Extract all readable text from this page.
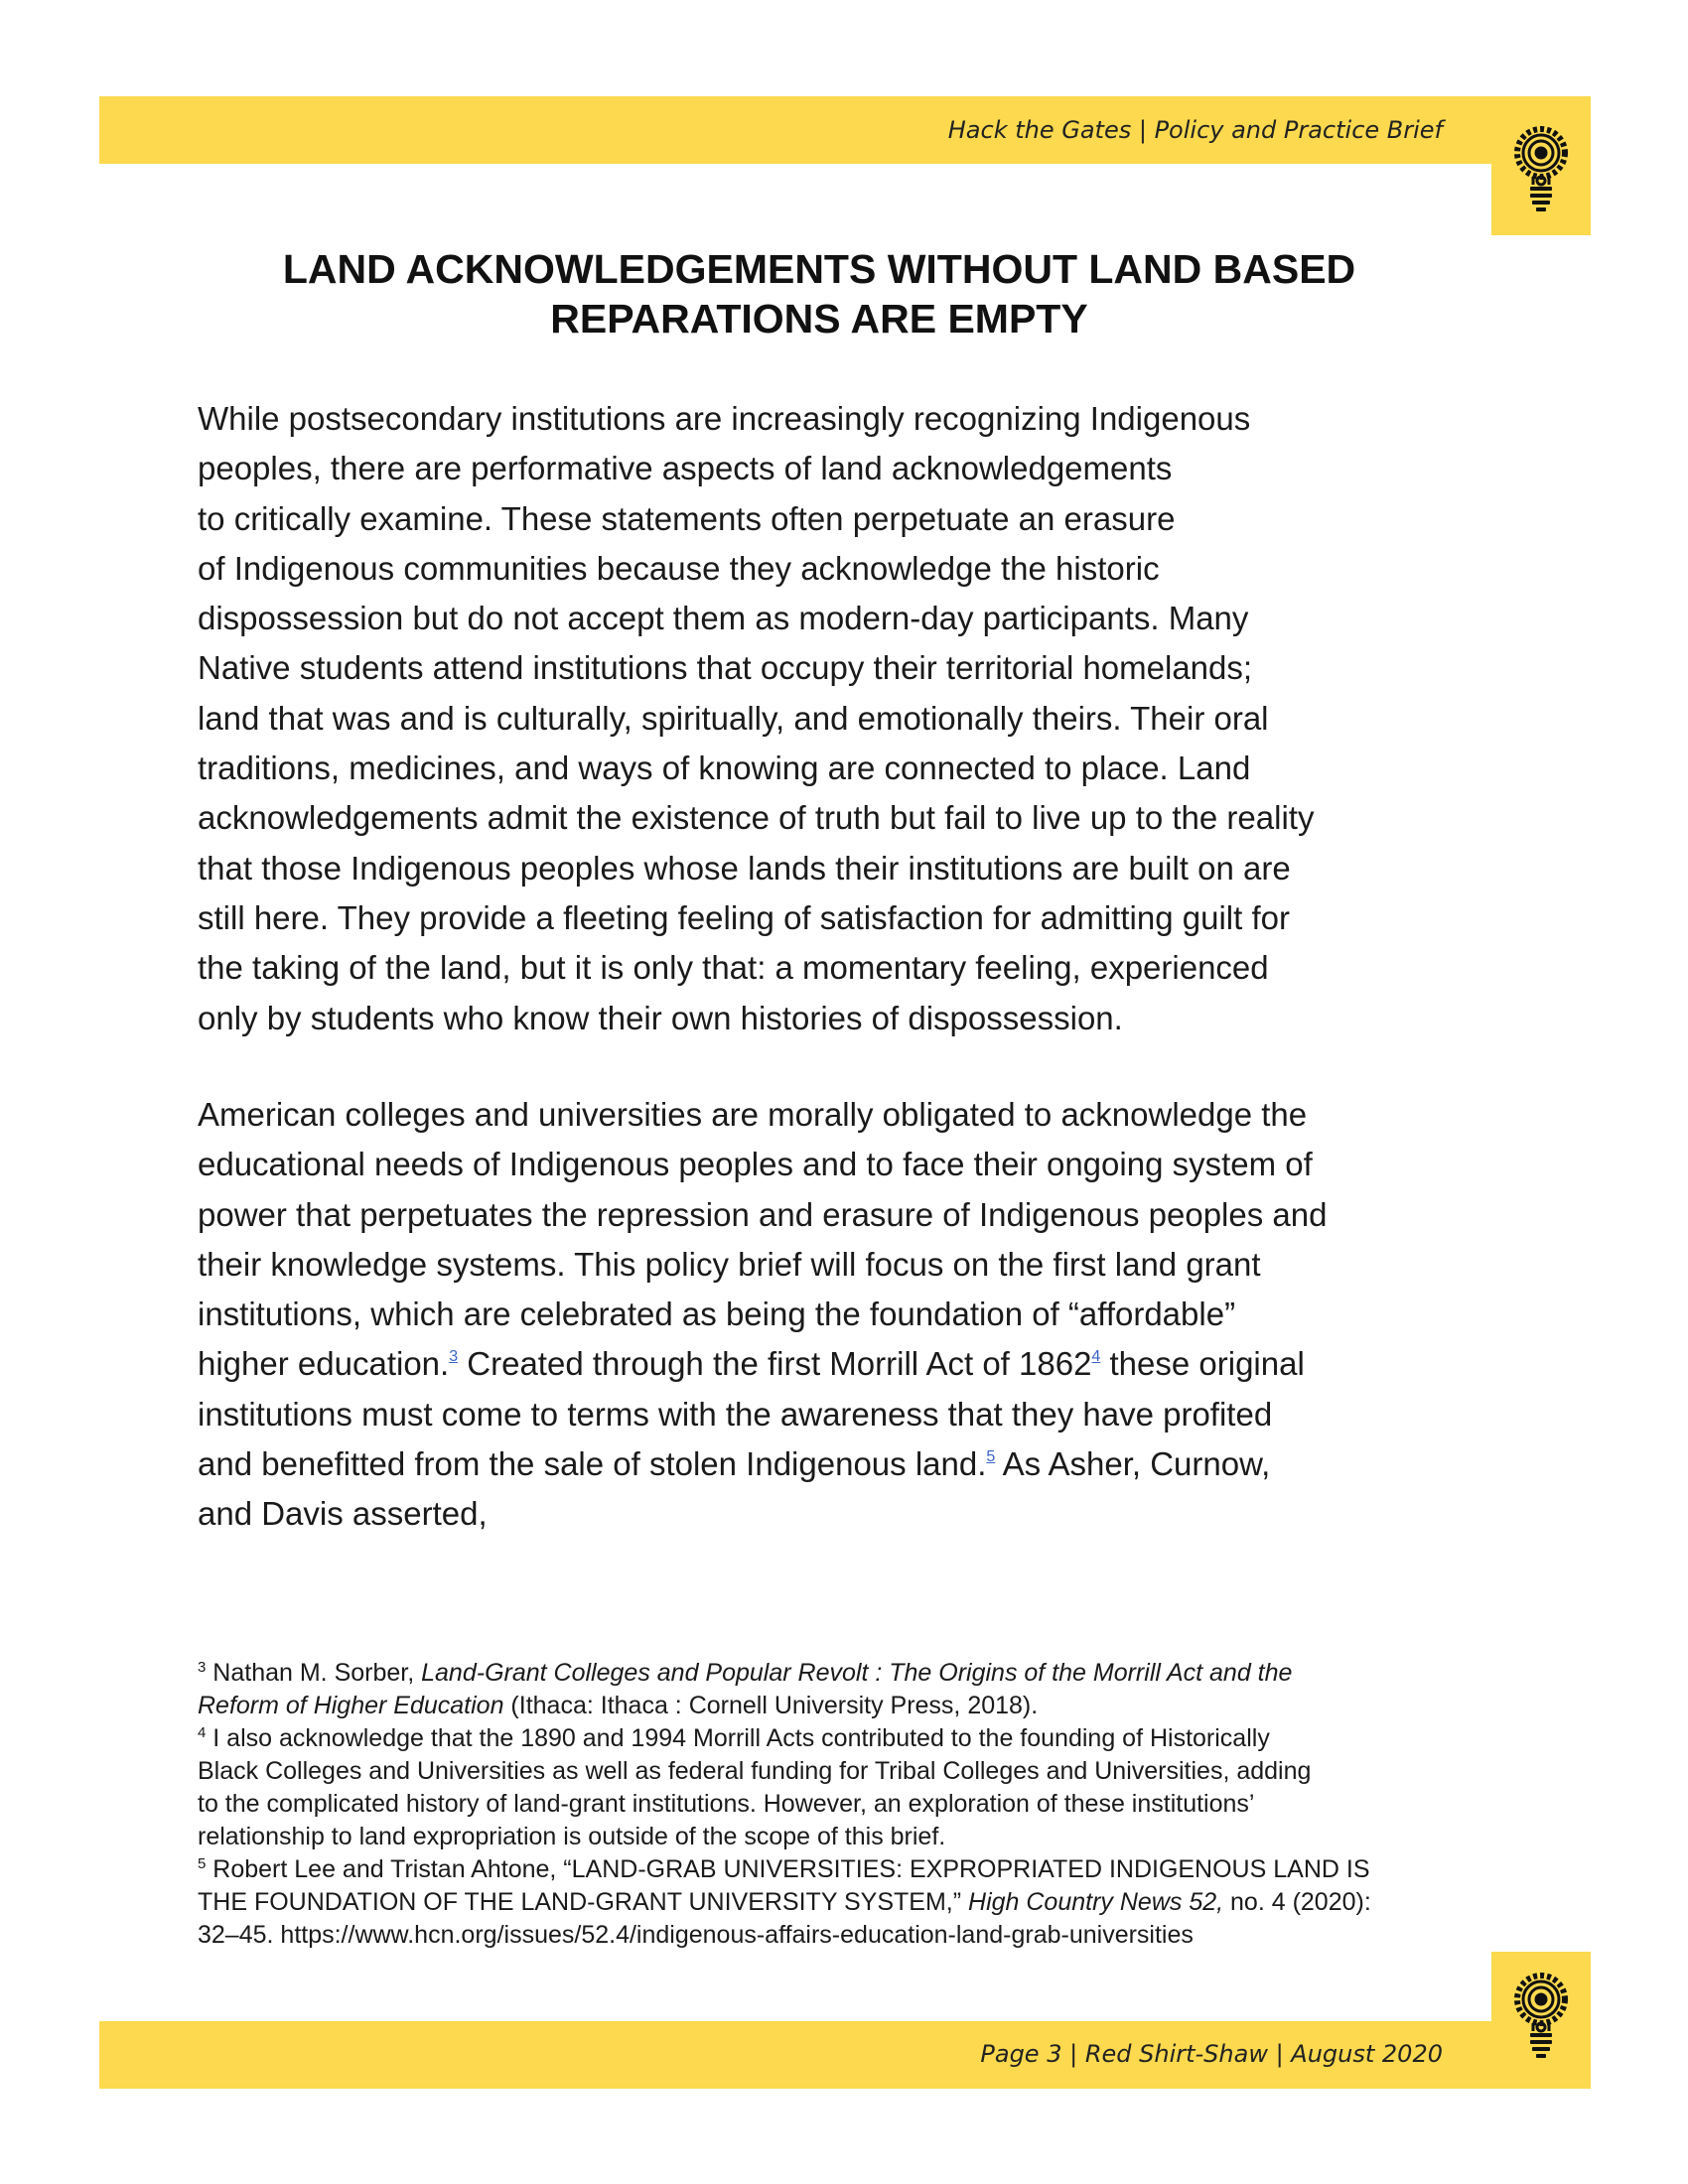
Hack the Gates | Policy and Practice Brief
LAND ACKNOWLEDGEMENTS WITHOUT LAND BASED
REPARATIONS ARE EMPTY

While postsecondary institutions are increasingly recognizing Indigenous
peoples, there are performative aspects of land acknowledgements
to critically examine. These statements often perpetuate an erasure
of Indigenous communities because they acknowledge the historic
dispossession but do not accept them as modern-day participants. Many
Native students attend institutions that occupy their territorial homelands;
land that was and is culturally, spiritually, and emotionally theirs. Their oral
traditions, medicines, and ways of knowing are connected to place. Land
acknowledgements admit the existence of truth but fail to live up to the reality
that those Indigenous peoples whose lands their institutions are built on are
still here. They provide a fleeting feeling of satisfaction for admitting guilt for
the taking of the land, but it is only that: a momentary feeling, experienced
only by students who know their own histories of dispossession.

American colleges and universities are morally obligated to acknowledge the
educational needs of Indigenous peoples and to face their ongoing system of
power that perpetuates the repression and erasure of Indigenous peoples and
their knowledge systems. This policy brief will focus on the first land grant
institutions, which are celebrated as being the foundation of “affordable”
higher education.$^3$ Created through the first Morrill Act of 1862$^4$ these original
institutions must come to terms with the awareness that they have profited
and benefitted from the sale of stolen Indigenous land.$^5$ As Asher, Curnow,
and Davis asserted,

$^3$ Nathan M. Sorber, Land-Grant Colleges and Popular Revolt : The Origins of the Morrill Act and the
Reform of Higher Education (Ithaca: Ithaca : Cornell University Press, 2018).
$^4$ I also acknowledge that the 1890 and 1994 Morrill Acts contributed to the founding of Historically
Black Colleges and Universities as well as federal funding for Tribal Colleges and Universities, adding
to the complicated history of land-grant institutions. However, an exploration of these institutions’
relationship to land expropriation is outside of the scope of this brief.
$^5$ Robert Lee and Tristan Ahtone, “LAND-GRAB UNIVERSITIES: EXPROPRIATED INDIGENOUS LAND IS
THE FOUNDATION OF THE LAND-GRANT UNIVERSITY SYSTEM,” High Country News 52, no. 4 (2020):
32–45. https://www.hcn.org/issues/52.4/indigenous-affairs-education-land-grab-universities
Page 3 | Red Shirt-Shaw | August 2020
